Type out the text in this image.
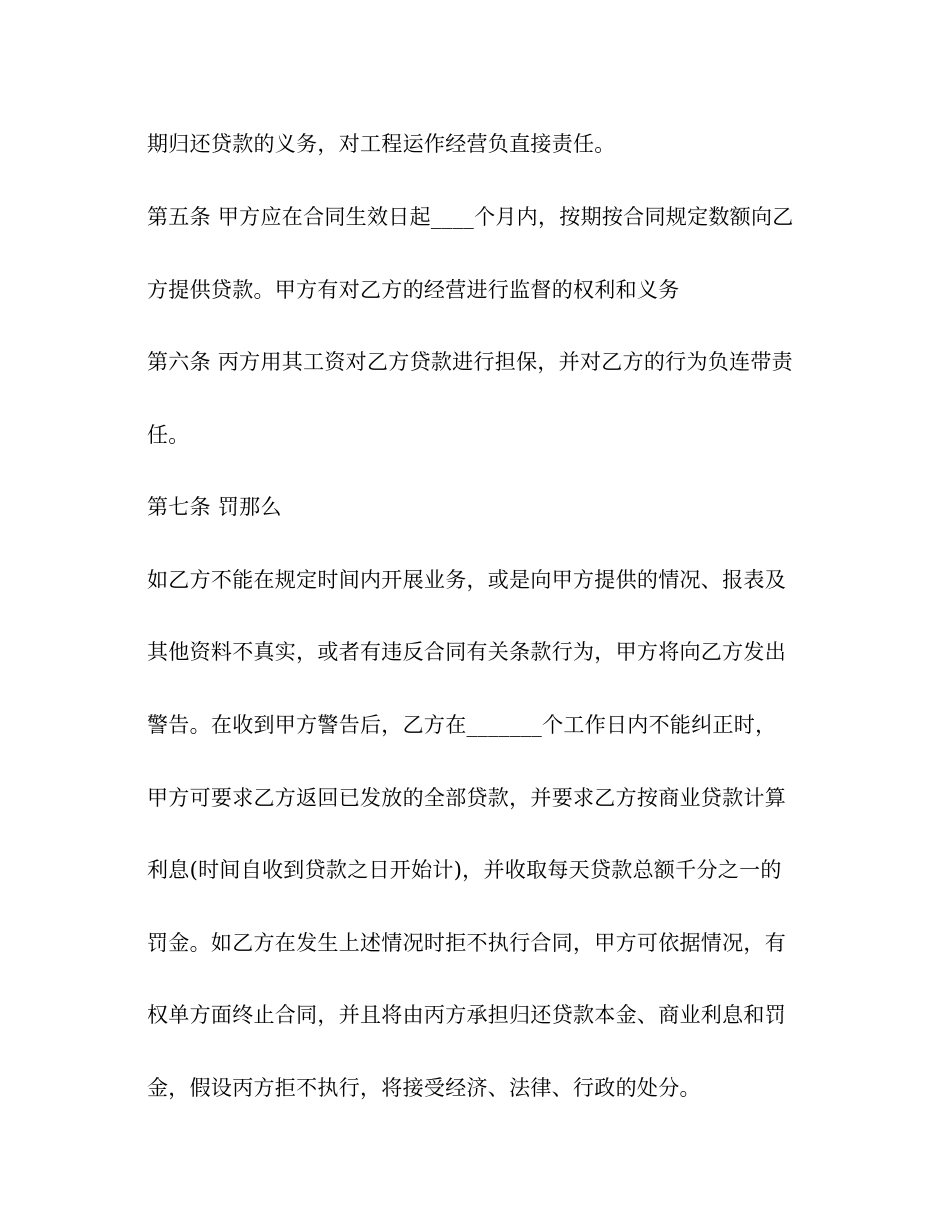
期归还贷款的义务，对工程运作经营负直接责任。
第五条 甲方应在合同生效日起____个月内，按期按合同规定数额向乙
方提供贷款。甲方有对乙方的经营进行监督的权利和义务
第六条 丙方用其工资对乙方贷款进行担保，并对乙方的行为负连带责
任。
第七条 罚那么
如乙方不能在规定时间内开展业务，或是向甲方提供的情况、报表及
其他资料不真实，或者有违反合同有关条款行为，甲方将向乙方发出
警告。在收到甲方警告后，乙方在_______个工作日内不能纠正时，
甲方可要求乙方返回已发放的全部贷款，并要求乙方按商业贷款计算
利息(时间自收到贷款之日开始计)，并收取每天贷款总额千分之一的
罚金。如乙方在发生上述情况时拒不执行合同，甲方可依据情况，有
权单方面终止合同，并且将由丙方承担归还贷款本金、商业利息和罚
金，假设丙方拒不执行，将接受经济、法律、行政的处分。
